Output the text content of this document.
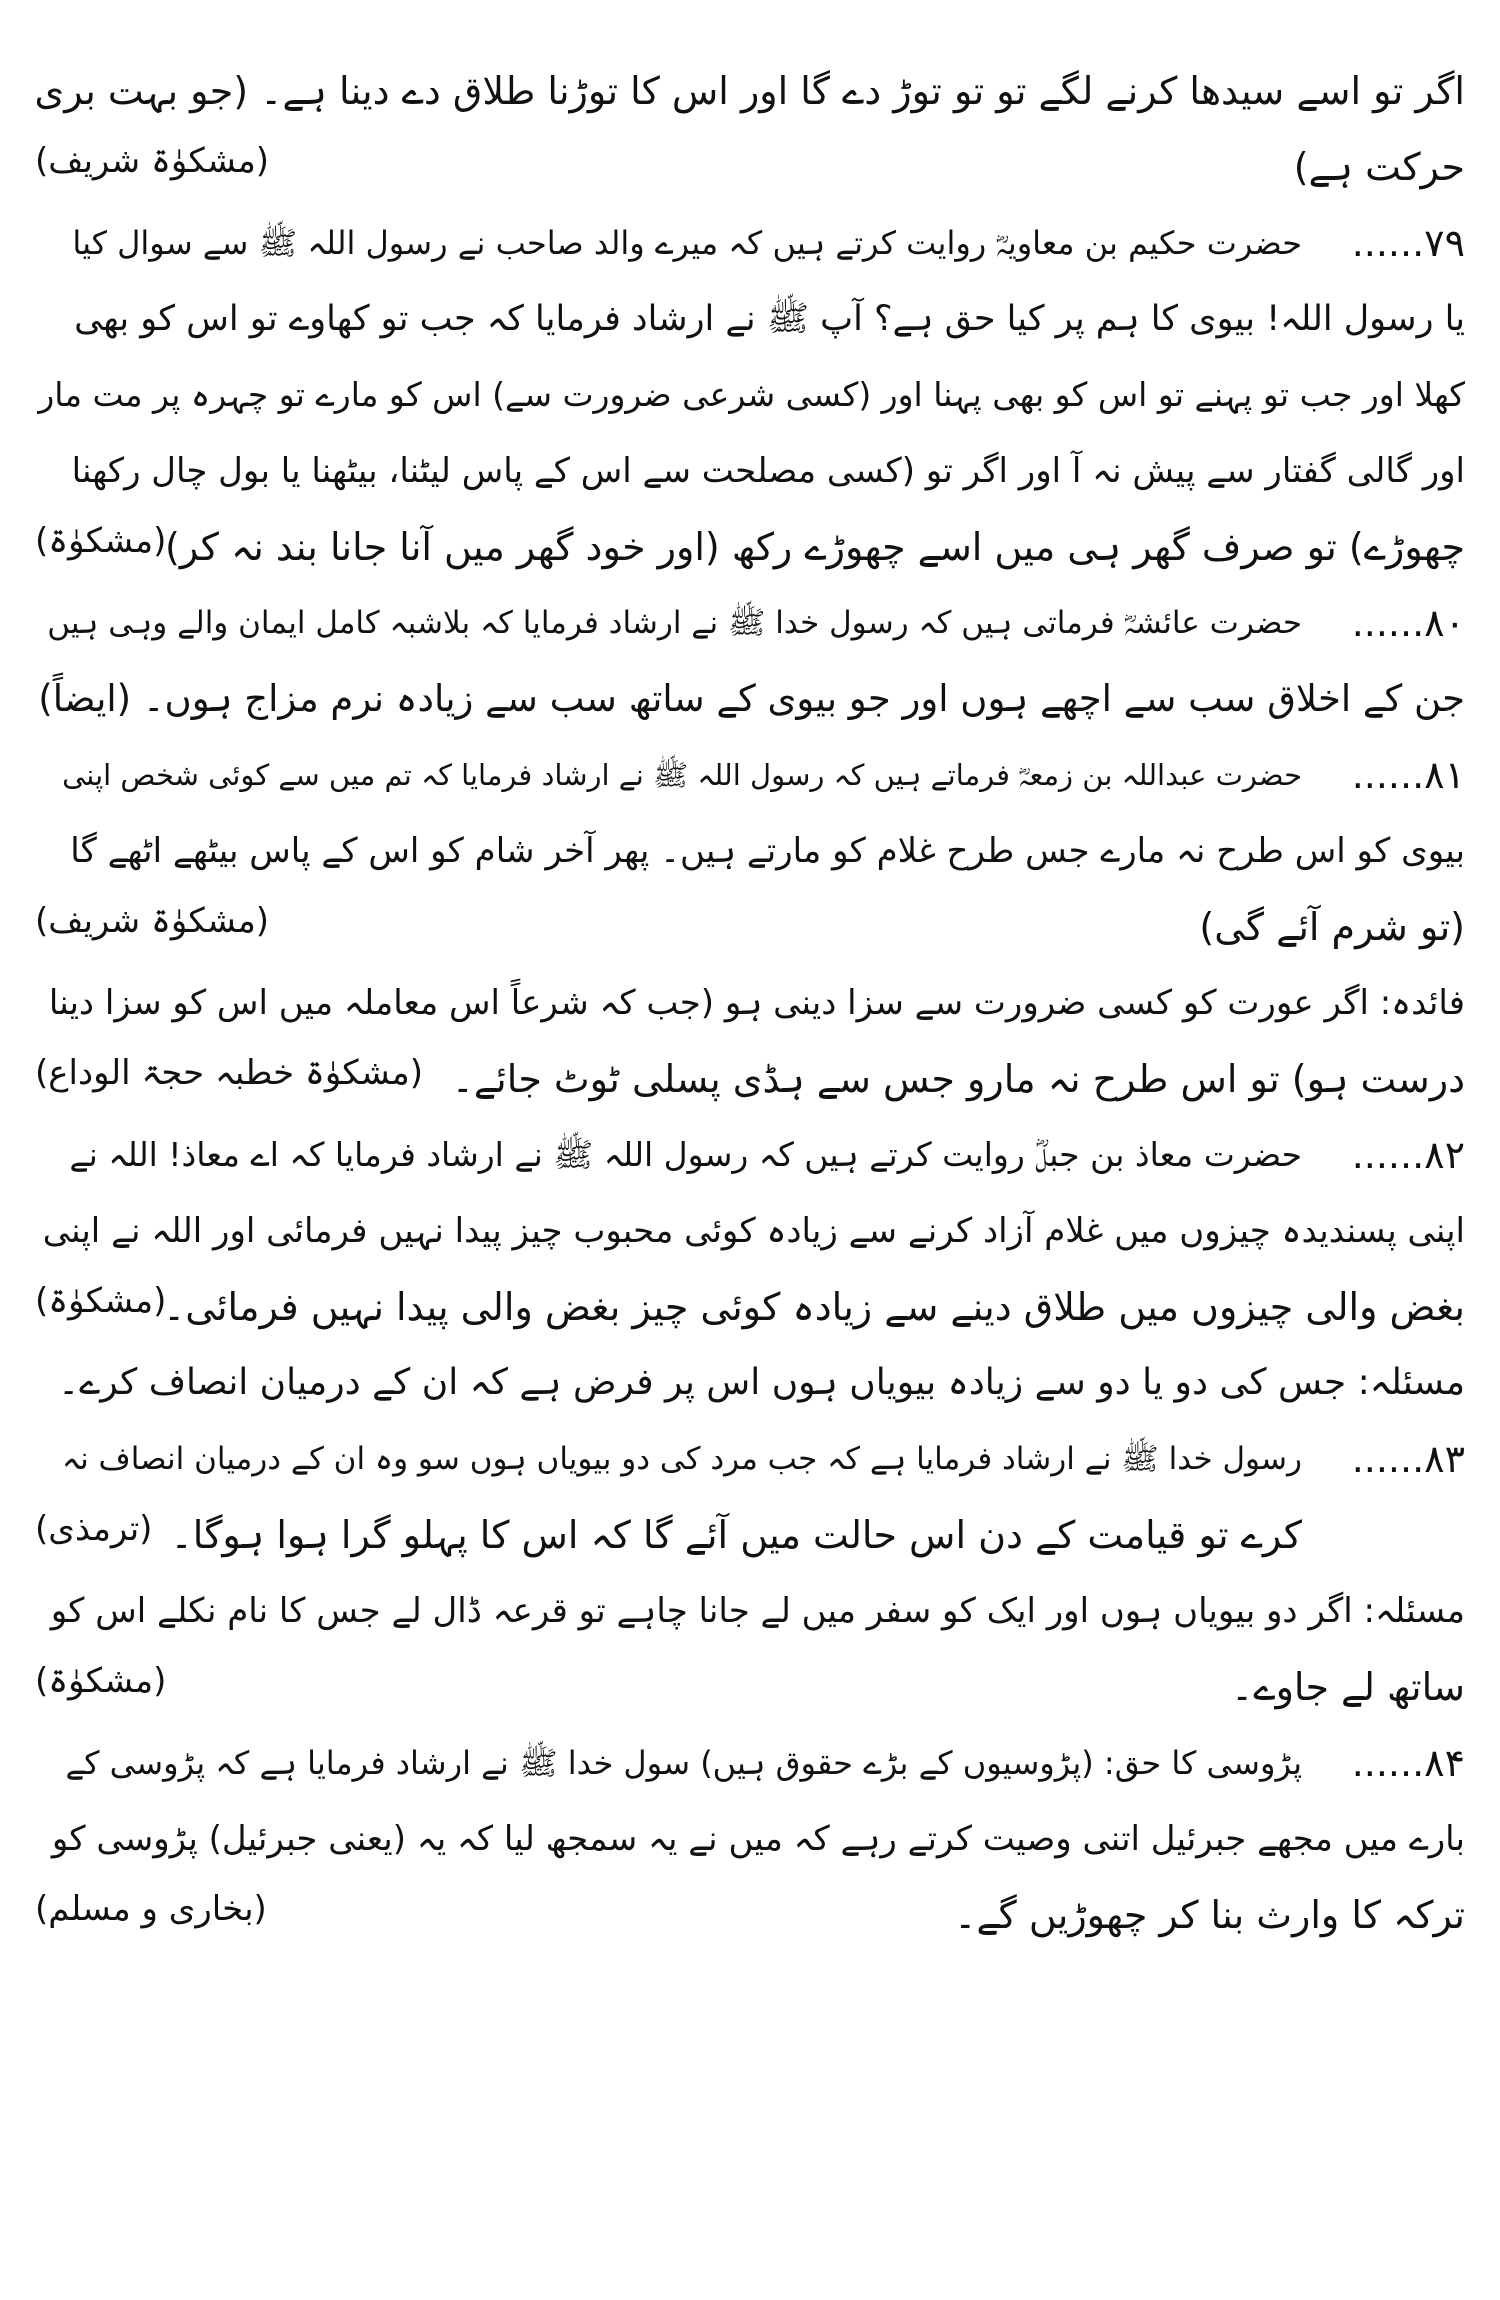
اگر تو اسے سیدھا کرنے لگے تو تو توڑ دے گا اور اس کا توڑنا طلاق دے دینا ہے۔ (جو بہت بری
حرکت ہے)
(مشکوٰۃ شریف)
۷۹......
حضرت حکیم بن معاویہؓ روایت کرتے ہیں کہ میرے والد صاحب نے رسول اللہ ﷺ سے سوال کیا
یا رسول اللہ! بیوی کا ہم پر کیا حق ہے؟ آپ ﷺ نے ارشاد فرمایا کہ جب تو کھاوے تو اس کو بھی
کھلا اور جب تو پہنے تو اس کو بھی پہنا اور (کسی شرعی ضرورت سے) اس کو مارے تو چہرہ پر مت مار
اور گالی گفتار سے پیش نہ آ اور اگر تو (کسی مصلحت سے اس کے پاس لیٹنا، بیٹھنا یا بول چال رکھنا
چھوڑے) تو صرف گھر ہی میں اسے چھوڑے رکھ (اور خود گھر میں آنا جانا بند نہ کر)
(مشکوٰۃ)
۸۰......
حضرت عائشہؓ فرماتی ہیں کہ رسول خدا ﷺ نے ارشاد فرمایا کہ بلاشبہ کامل ایمان والے وہی ہیں
جن کے اخلاق سب سے اچھے ہوں اور جو بیوی کے ساتھ سب سے زیادہ نرم مزاج ہوں۔ (ایضاً)
۸۱......
حضرت عبداللہ بن زمعہؓ فرماتے ہیں کہ رسول اللہ ﷺ نے ارشاد فرمایا کہ تم میں سے کوئی شخص اپنی
بیوی کو اس طرح نہ مارے جس طرح غلام کو مارتے ہیں۔ پھر آخر شام کو اس کے پاس بیٹھے اٹھے گا
(تو شرم آئے گی)
(مشکوٰۃ شریف)
فائدہ: اگر عورت کو کسی ضرورت سے سزا دینی ہو (جب کہ شرعاً اس معاملہ میں اس کو سزا دینا
درست ہو) تو اس طرح نہ مارو جس سے ہڈی پسلی ٹوٹ جائے۔
(مشکوٰۃ خطبہ حجۃ الوداع)
۸۲......
حضرت معاذ بن جبلؓ روایت کرتے ہیں کہ رسول اللہ ﷺ نے ارشاد فرمایا کہ اے معاذ! اللہ نے
اپنی پسندیدہ چیزوں میں غلام آزاد کرنے سے زیادہ کوئی محبوب چیز پیدا نہیں فرمائی اور اللہ نے اپنی
بغض والی چیزوں میں طلاق دینے سے زیادہ کوئی چیز بغض والی پیدا نہیں فرمائی۔
(مشکوٰۃ)
مسئلہ: جس کی دو یا دو سے زیادہ بیویاں ہوں اس پر فرض ہے کہ ان کے درمیان انصاف کرے۔
۸۳......
رسول خدا ﷺ نے ارشاد فرمایا ہے کہ جب مرد کی دو بیویاں ہوں سو وہ ان کے درمیان انصاف نہ
کرے تو قیامت کے دن اس حالت میں آئے گا کہ اس کا پہلو گرا ہوا ہوگا۔
(ترمذی)
مسئلہ: اگر دو بیویاں ہوں اور ایک کو سفر میں لے جانا چاہے تو قرعہ ڈال لے جس کا نام نکلے اس کو
ساتھ لے جاوے۔
(مشکوٰۃ)
۸۴......
پڑوسی کا حق: (پڑوسیوں کے بڑے حقوق ہیں) سول خدا ﷺ نے ارشاد فرمایا ہے کہ پڑوسی کے
بارے میں مجھے جبرئیل اتنی وصیت کرتے رہے کہ میں نے یہ سمجھ لیا کہ یہ (یعنی جبرئیل) پڑوسی کو
ترکہ کا وارث بنا کر چھوڑیں گے۔
(بخاری و مسلم)
